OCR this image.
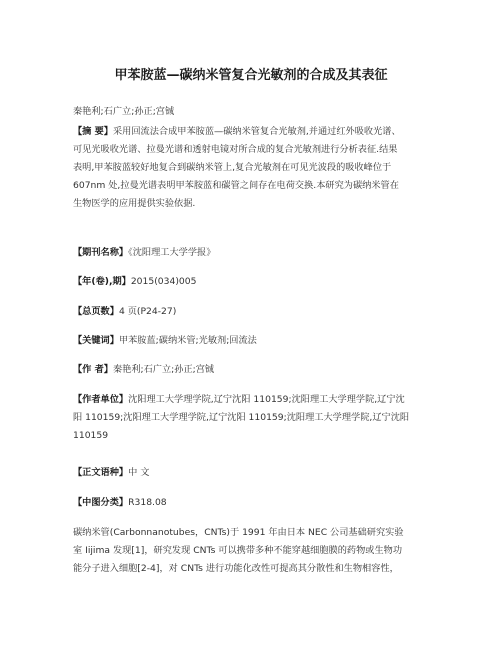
甲苯胺蓝—碳纳米管复合光敏剂的合成及其表征
秦艳利;石广立;孙正;宫铖
【摘 要】采用回流法合成甲苯胺蓝—碳纳米管复合光敏剂,并通过红外吸收光谱、
可见光吸收光谱、拉曼光谱和透射电镜对所合成的复合光敏剂进行分析表征.结果
表明,甲苯胺蓝较好地复合到碳纳米管上,复合光敏剂在可见光波段的吸收峰位于
607nm 处,拉曼光谱表明甲苯胺蓝和碳管之间存在电荷交换.本研究为碳纳米管在
生物医学的应用提供实验依据.
【期刊名称】《沈阳理工大学学报》
【年(卷),期】2015(034)005
【总页数】4 页(P24-27)
【关键词】甲苯胺蓝;碳纳米管;光敏剂;回流法
【作 者】秦艳利;石广立;孙正;宫铖
【作者单位】沈阳理工大学理学院,辽宁沈阳 110159;沈阳理工大学理学院,辽宁沈
阳 110159;沈阳理工大学理学院,辽宁沈阳 110159;沈阳理工大学理学院,辽宁沈阳
110159
【正文语种】中 文
【中图分类】R318.08
碳纳米管(Carbonnanotubes，CNTs)于 1991 年由日本 NEC 公司基础研究实验
室 Iijima 发现[1]，研究发现 CNTs 可以携带多种不能穿越细胞膜的药物或生物功
能分子进入细胞[2-4]，对 CNTs 进行功能化改性可提高其分散性和生物相容性，
